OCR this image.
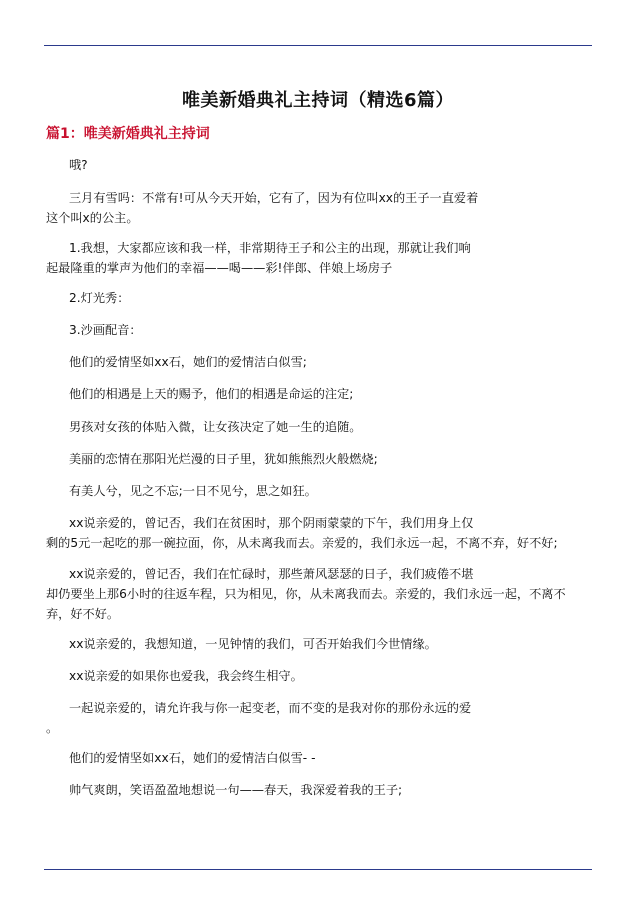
唯美新婚典礼主持词（精选6篇）
篇1：唯美新婚典礼主持词
哦?
三月有雪吗：不常有!可从今天开始，它有了，因为有位叫xx的王子一直爱着
这个叫x的公主。
1.我想，大家都应该和我一样，非常期待王子和公主的出现，那就让我们响
起最隆重的掌声为他们的幸福——喝——彩!伴郎、伴娘上场房子
2.灯光秀：
3.沙画配音：
他们的爱情坚如xx石，她们的爱情洁白似雪;
他们的相遇是上天的赐予，他们的相遇是命运的注定;
男孩对女孩的体贴入微，让女孩决定了她一生的追随。
美丽的恋情在那阳光烂漫的日子里，犹如熊熊烈火般燃烧;
有美人兮，见之不忘;一日不见兮，思之如狂。
xx说亲爱的，曾记否，我们在贫困时，那个阴雨蒙蒙的下午，我们用身上仅
剩的5元一起吃的那一碗拉面，你，从未离我而去。亲爱的，我们永远一起，不离不弃，好不好;
xx说亲爱的，曾记否，我们在忙碌时，那些萧风瑟瑟的日子，我们疲倦不堪
却仍要坐上那6小时的往返车程，只为相见，你，从未离我而去。亲爱的，我们永远一起，不离不
弃，好不好。
xx说亲爱的，我想知道，一见钟情的我们，可否开始我们今世情缘。
xx说亲爱的如果你也爱我，我会终生相守。
一起说亲爱的，请允许我与你一起变老，而不变的是我对你的那份永远的爱
。
他们的爱情坚如xx石，她们的爱情洁白似雪- -
帅气爽朗，笑语盈盈地想说一句——春天，我深爱着我的王子;
